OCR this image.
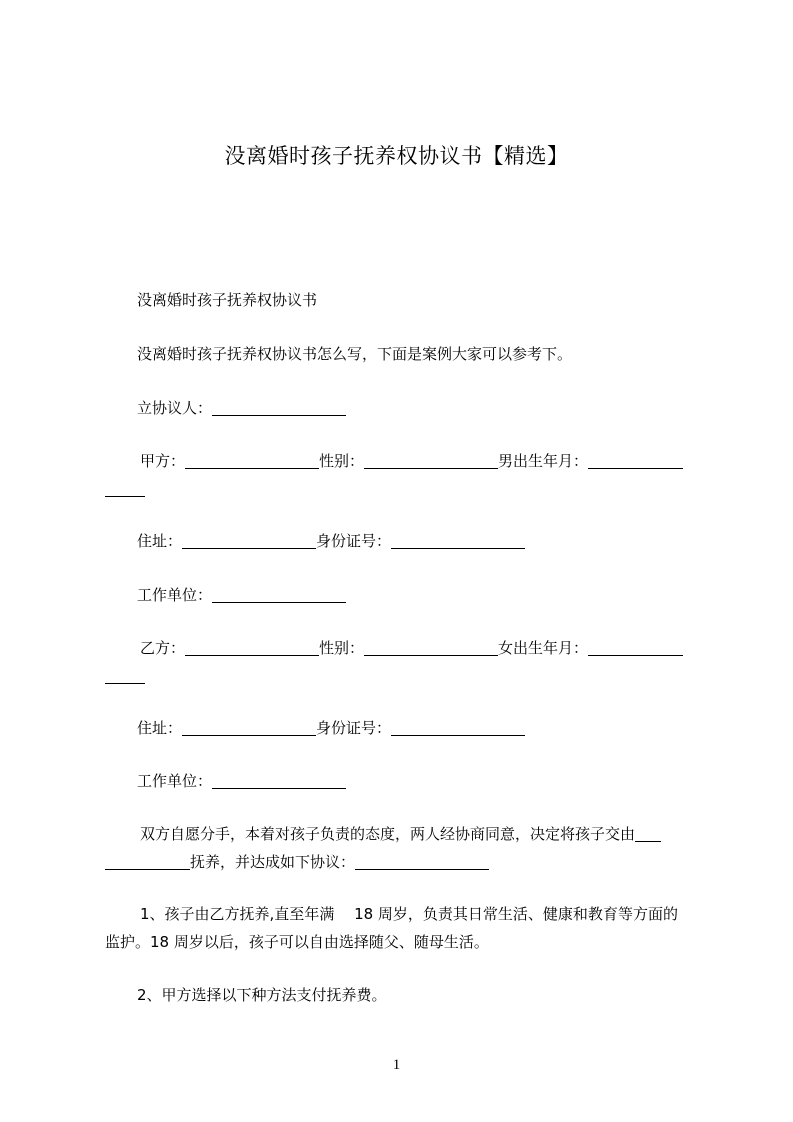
没离婚时孩子抚养权协议书【精选】
没离婚时孩子抚养权协议书
没离婚时孩子抚养权协议书怎么写，下面是案例大家可以参考下。
立协议人：
甲方：	性别：	男出生年月：
住址：	身份证号：
工作单位：
乙方：	性别：	女出生年月：
住址：	身份证号：
工作单位：
双方自愿分手，本着对孩子负责的态度，两人经协商同意，决定将孩子交由
抚养，并达成如下协议：
1、孩子由乙方抚养,直至年满　 18 周岁，负责其日常生活、健康和教育等方面的
监护。18 周岁以后，孩子可以自由选择随父、随母生活。
2、甲方选择以下种方法支付抚养费。
1
